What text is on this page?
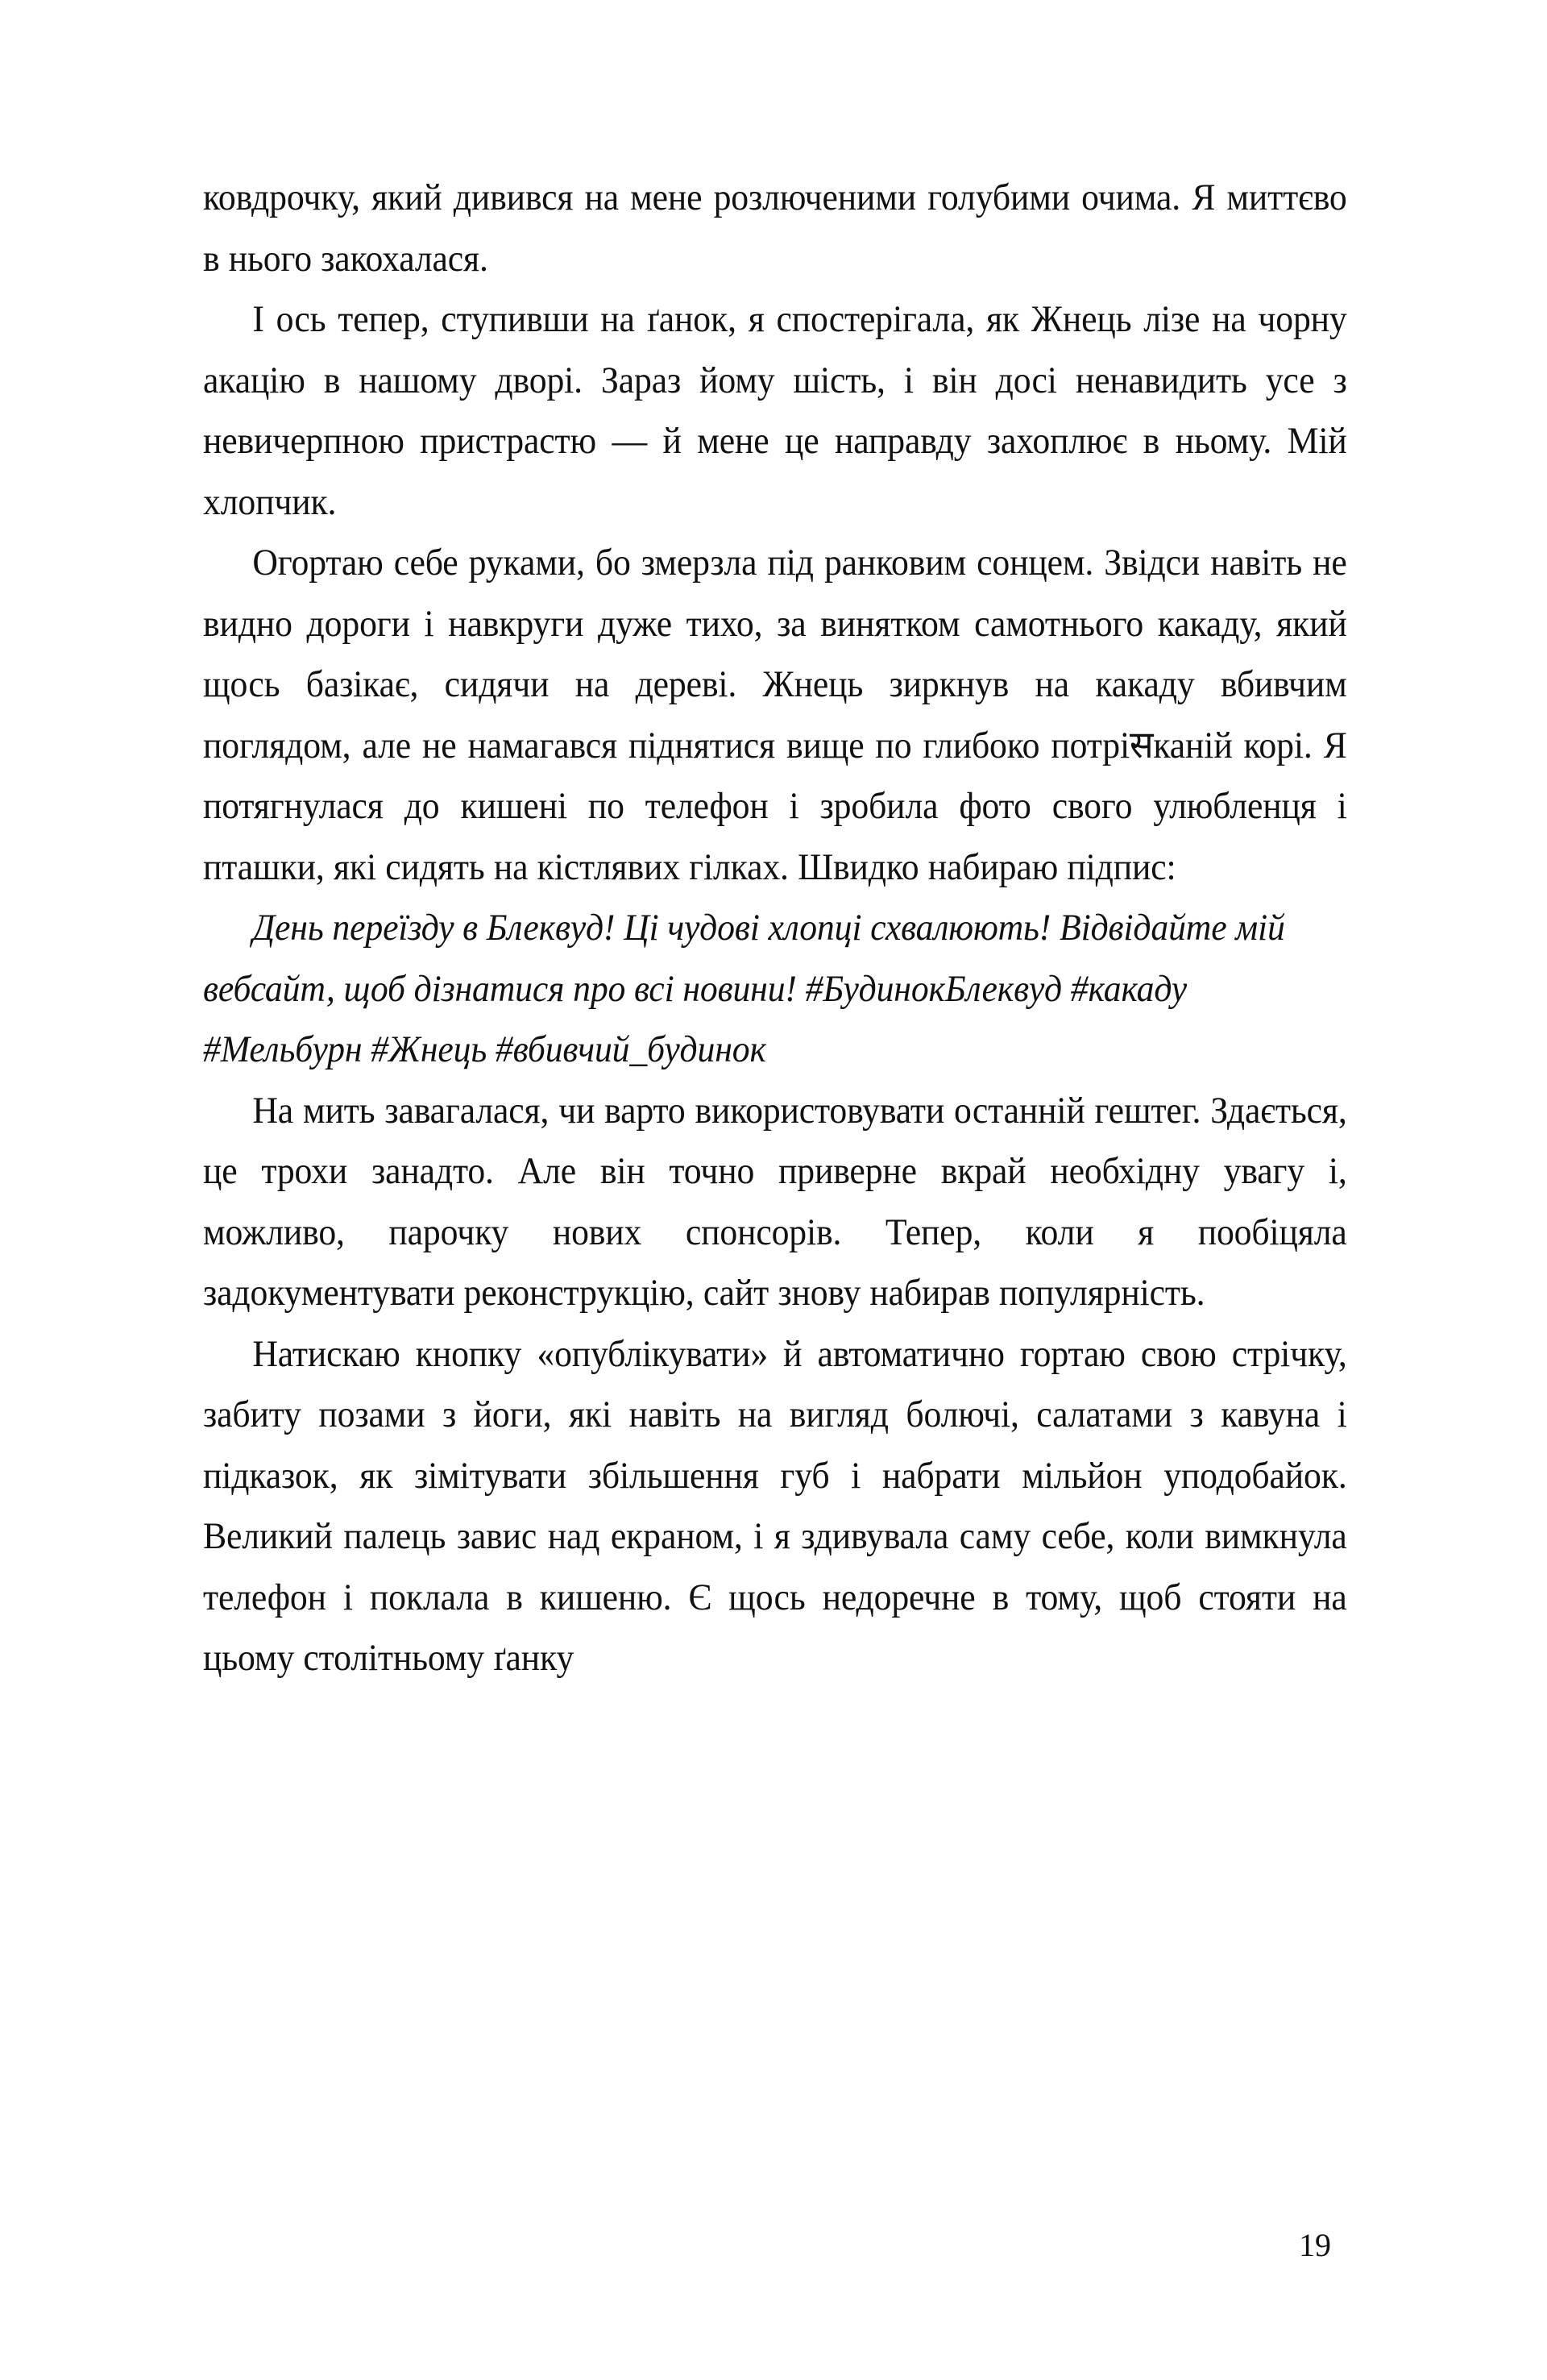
ковдрочку, який дивився на мене розлюченими голубими очима. Я миттєво в нього закохалася.

І ось тепер, ступивши на ґанок, я спостерігала, як Жнець лізе на чорну акацію в нашому дворі. Зараз йому шість, і він досі ненавидить усе з невичерпною пристрастю — й мене це направду захоплює в ньому. Мій хлопчик.

Огортаю себе руками, бо змерзла під ранковим сонцем. Звідси навіть не видно дороги і навкруги дуже тихо, за винятком самотнього какаду, який щось базікає, сидячи на дереві. Жнець зиркнув на какаду вбивчим поглядом, але не намагався піднятися вище по глибоко потріसканій корі. Я потягнулася до кишені по телефон і зробила фото свого улюбленця і пташки, які сидять на кістлявих гілках. Швидко набираю підпис:

День переїзду в Блеквуд! Ці чудові хлопці схвалюють! Відвідайте мій вебсайт, щоб дізнатися про всі новини! #БудинокБлеквуд #какаду #Мельбурн #Жнець #вбивчий_будинок

На мить завагалася, чи варто використовувати останній гештег. Здається, це трохи занадто. Але він точно приверне вкрай необхідну увагу і, можливо, парочку нових спонсорів. Тепер, коли я пообіцяла задокументувати реконструкцію, сайт знову набирав популярність.

Натискаю кнопку «опублікувати» й автоматично гортаю свою стрічку, забиту позами з йоги, які навіть на вигляд болючі, салатами з кавуна і підказок, як зімітувати збільшення губ і набрати мільйон уподобайок. Великий палець завис над екраном, і я здивувала саму себе, коли вимкнула телефон і поклала в кишеню. Є щось недоречне в тому, щоб стояти на цьому столітньому ґанку

19
